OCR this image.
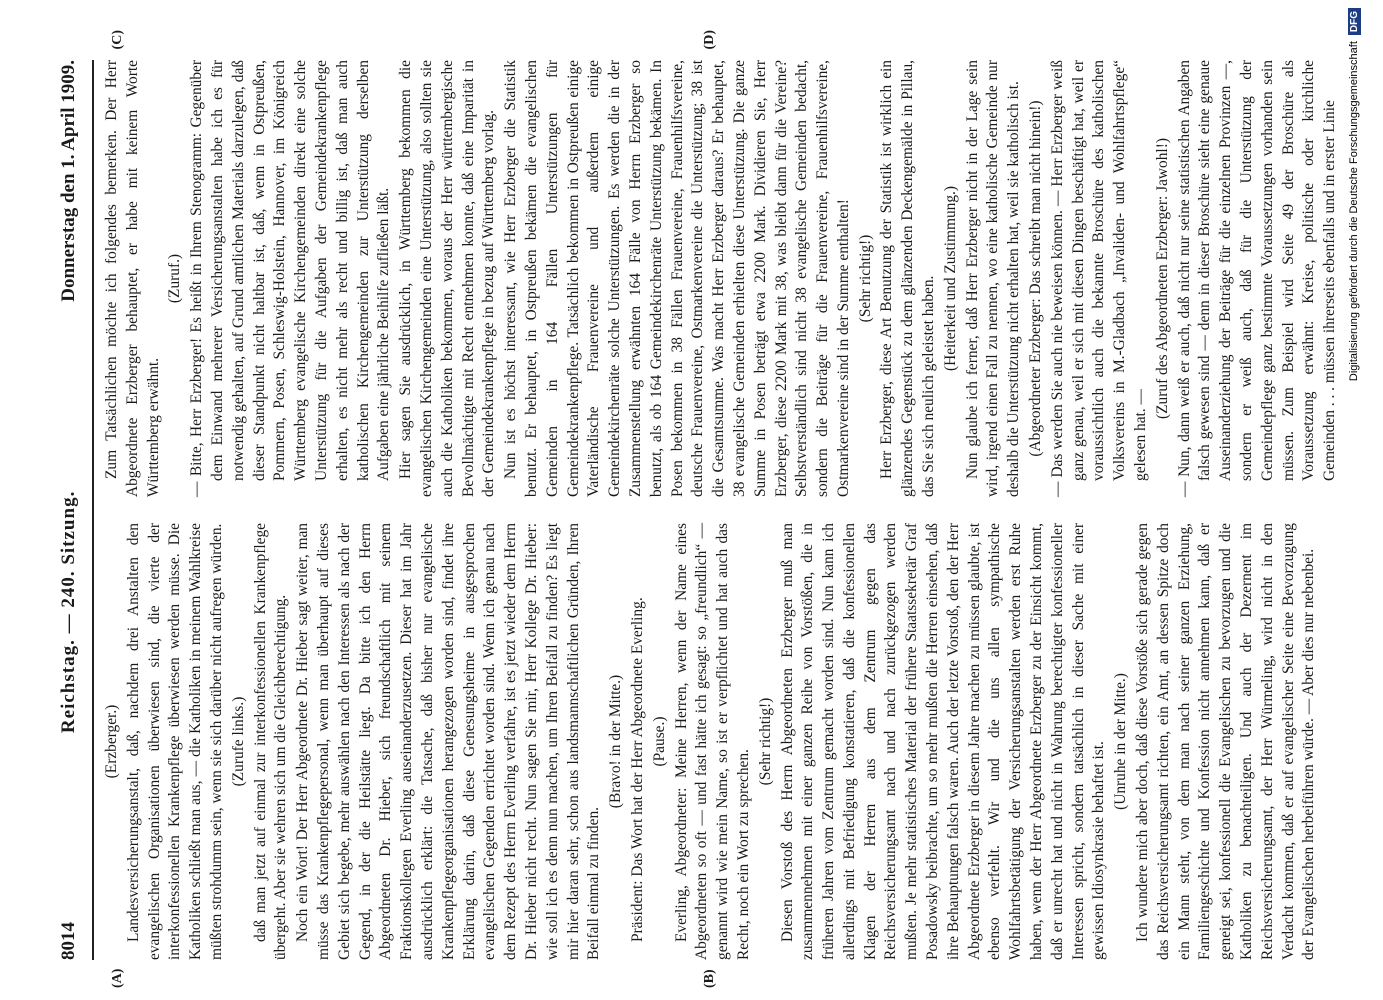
8014
Reichstag. — 240. Sitzung.
Donnerstag den 1. April 1909.
(A)	(B)
(C)	(D)

(Erzberger.) Landesversicherungsanstalt, daß, nachdem drei Anstalten den evangelischen Organisationen überwiesen sind, die vierte der interkonfessionellen Krankenpflege überwiesen werden müsse. Die Katholiken schließt man aus, — die Katholiken in meinem Wahlkreise müßten strohdumm sein, wenn sie sich darüber nicht aufregen würden. (Zurufe links.) daß man jetzt auf einmal zur interkonfessionellen Krankenpflege übergeht. Aber sie wehren sich um die Gleichberechtigung. Noch ein Wort! Der Herr Abgeordnete Dr. Hieber sagt weiter, man müsse das Krankenpflegepersonal, wenn man überhaupt auf dieses Gebiet sich begebe, mehr auswählen nach den Interessen als nach der Gegend, in der die Heilstätte liegt. Da bitte ich den Herrn Abgeordneten Dr. Hieber, sich freundschaftlich mit seinem Fraktionskollegen Everling auseinanderzusetzen. Dieser hat im Jahr ausdrücklich erklärt: die Tatsache, daß bisher nur evangelische Krankenpflegeorganisationen herangezogen worden sind, findet ihre Erklärung darin, daß diese Genesungsheime in ausgesprochen evangelischen Gegenden errichtet worden sind. Wenn ich genau nach dem Rezept des Herrn Everling verfahre, ist es jetzt wieder dem Herrn Dr. Hieber nicht recht. Nun sagen Sie mir, Herr Kollege Dr. Hieber: wie soll ich es denn nun machen, um Ihren Beifall zu finden? Es liegt mir hier daran sehr, schon aus landsmannschaftlichen Gründen, Ihren Beifall einmal zu finden.

(Bravo! in der Mitte.) Präsident: Das Wort hat der Herr Abgeordnete Everling. (Pause.) Everling, Abgeordneter: Meine Herren, wenn der Name eines Abgeordneten so oft — und fast hätte ich gesagt: so „freundlich“ — genannt wird wie mein Name, so ist er verpflichtet und hat auch das Recht, noch ein Wort zu sprechen.

(Sehr richtig!) Diesen Vorstoß des Herrn Abgeordneten Erzberger muß man zusammennehmen mit einer ganzen Reihe von Vorstößen, die in früheren Jahren vom Zentrum gemacht worden sind. Nun kann ich allerdings mit Befriedigung konstatieren, daß die konfessionellen Klagen der Herren aus dem Zentrum gegen das Reichsversicherungsamt nach und nach zurückgezogen werden mußten. Je mehr statistisches Material der frühere Staatssekretär Graf Posadowsky beibrachte, um so mehr mußten die Herren einsehen, daß ihre Behauptungen falsch waren. Auch der letzte Vorstoß, den der Herr Abgeordnete Erzberger in diesem Jahre machen zu müssen glaubte, ist ebenso verfehlt. Wir und die uns allen sympathische Wohlfahrtsbetätigung der Versicherungsanstalten werden erst Ruhe haben, wenn der Herr Abgeordnete Erzberger zu der Einsicht kommt, daß er unrecht hat und nicht in Wahrung berechtigter konfessioneller Interessen spricht, sondern tatsächlich in dieser Sache mit einer gewissen Idiosynkrasie behaftet ist. (Unruhe in der Mitte.) Ich wundere mich aber doch, daß diese Vorstöße sich gerade gegen das Reichsversicherungsamt richten, ein Amt, an dessen Spitze doch ein Mann steht, von dem man nach seiner ganzen Erziehung, Familiengeschichte und Konfession nicht annehmen kann, daß er geneigt sei, konfessionell die Evangelischen zu bevorzugen und die Katholiken zu benachteiligen. Und auch der Dezernent im Reichsversicherungsamt, der Herr Würmeling, wird nicht in den Verdacht kommen, daß er auf evangelischer Seite eine Bevorzugung der Evangelischen herbeiführen würde. — Aber dies nur nebenbei.

Zum Tatsächlichen möchte ich folgendes bemerken. Der Herr Abgeordnete Erzberger behauptet, er habe mit keinem Worte Württemberg erwähnt.

(Zuruf.) — Bitte, Herr Erzberger! Es heißt in Ihrem Stenogramm: Gegenüber dem Einwand mehrerer Versicherungsanstalten habe ich es für notwendig gehalten, auf Grund amtlichen Materials darzulegen, daß dieser Standpunkt nicht haltbar ist, daß, wenn in Ostpreußen, Pommern, Posen, Schleswig-Holstein, Hannover, im Königreich Württemberg evangelische Kirchengemeinden direkt eine solche Unterstützung für die Aufgaben der Gemeindekrankenpflege erhalten, es nicht mehr als recht und billig ist, daß man auch katholischen Kirchengemeinden zur Unterstützung derselben Aufgaben eine jährliche Beihilfe zufließen läßt. Hier sagen Sie ausdrücklich, in Württemberg bekommen die evangelischen Kirchengemeinden eine Unterstützung, also sollten sie auch die Katholiken bekommen, woraus der Herr württembergische Bevollmächtigte mit Recht entnehmen konnte, daß eine Imparität in der Gemeindekrankenpflege in bezug auf Württemberg vorlag. Nun ist es höchst interessant, wie Herr Erzberger die Statistik benutzt. Er behauptet, in Ostpreußen bekämen die evangelischen Gemeinden in 164 Fällen Unterstützungen für Gemeindekrankenpflege. Tatsächlich bekommen in Ostpreußen einige Vaterländische Frauenvereine und außerdem einige Gemeindekirchenräte solche Unterstützungen. Es werden die in der Zusammenstellung erwähnten 164 Fälle von Herrn Erzberger so benutzt, als ob 164 Gemeindekirchenräte Unterstützung bekämen. In Posen bekommen in 38 Fällen Frauenvereine, Frauenhilfsvereine, deutsche Frauenvereine, Ostmarkenvereine die Unterstützung; 38 ist die Gesamtsumme. Was macht Herr Erzberger daraus? Er behauptet, 38 evangelische Gemeinden erhielten diese Unterstützung. Die ganze Summe in Posen beträgt etwa 2200 Mark. Dividieren Sie, Herr Erzberger, diese 2200 Mark mit 38, was bleibt dann für die Vereine? Selbstverständlich sind nicht 38 evangelische Gemeinden bedacht, sondern die Beiträge für die Frauenvereine, Frauenhilfsvereine, Ostmarkenvereine sind in der Summe enthalten! (Sehr richtig!) Herr Erzberger, diese Art Benutzung der Statistik ist wirklich ein glänzendes Gegenstück zu dem glänzenden Deckengemälde in Pillau, das Sie sich neulich geleistet haben. (Heiterkeit und Zustimmung.) Nun glaube ich ferner, daß Herr Erzberger nicht in der Lage sein wird, irgend einen Fall zu nennen, wo eine katholische Gemeinde nur deshalb die Unterstützung nicht erhalten hat, weil sie katholisch ist. (Abgeordneter Erzberger: Das schreibt man nicht hinein!) — Das werden Sie auch nie beweisen können. — Herr Erzberger weiß ganz genau, weil er sich mit diesen Dingen beschäftigt hat, weil er voraussichtlich auch die bekannte Broschüre des katholischen Volksvereins in M.-Gladbach „Invaliden- und Wohlfahrtspflege“ gelesen hat. —

(Zuruf des Abgeordneten Erzberger: Jawohl!) — Nun, dann weiß er auch, daß nicht nur seine statistischen Angaben falsch gewesen sind — denn in dieser Broschüre sieht eine genaue Auseinanderziehung der Beiträge für die einzelnen Provinzen —, sondern er weiß auch, daß für die Unterstützung der Gemeindepflege ganz bestimmte Voraussetzungen vorhanden sein müssen. Zum Beispiel wird Seite 49 der Broschüre als Voraussetzung erwähnt: Kreise, politische oder kirchliche Gemeinden . . . müssen ihrerseits ebenfalls und in erster Linie Digitalisierung gefördert durch die Deutsche Forschungsgemeinschaft
DFG
